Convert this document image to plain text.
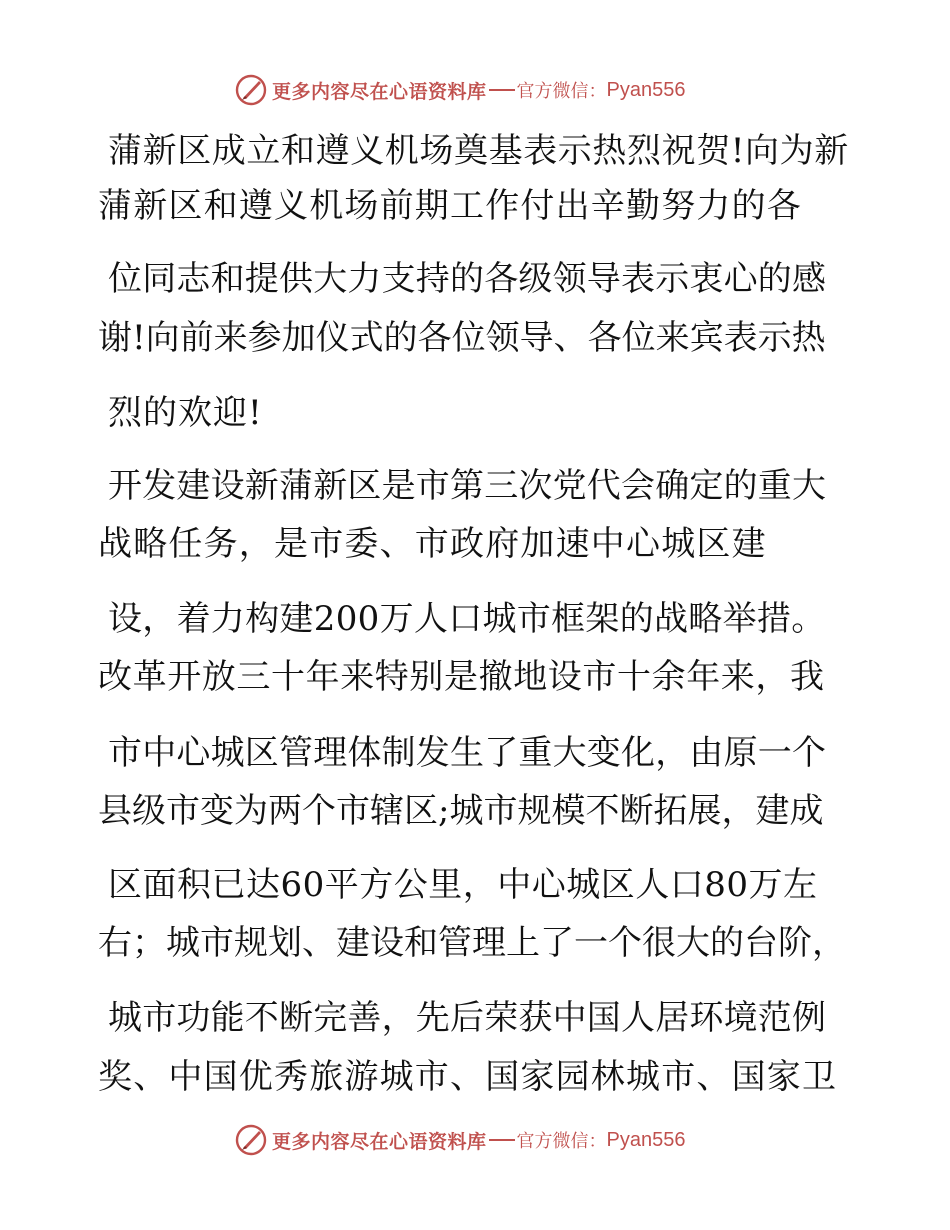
更多内容尽在心语资料库 官方微信： Pyan556
蒲新区成立和遵义机场奠基表示热烈祝贺!向为新
蒲新区和遵义机场前期工作付出辛勤努力的各
位同志和提供大力支持的各级领导表示衷心的感
谢!向前来参加仪式的各位领导、各位来宾表示热
烈的欢迎!
开发建设新蒲新区是市第三次党代会确定的重大
战略任务，是市委、市政府加速中心城区建
设，着力构建200万人口城市框架的战略举措。
改革开放三十年来特别是撤地设市十余年来，我
市中心城区管理体制发生了重大变化，由原一个
县级市变为两个市辖区;城市规模不断拓展，建成
区面积已达60平方公里，中心城区人口80万左
右；城市规划、建设和管理上了一个很大的台阶，
城市功能不断完善，先后荣获中国人居环境范例
奖、中国优秀旅游城市、国家园林城市、国家卫
更多内容尽在心语资料库 官方微信： Pyan556
